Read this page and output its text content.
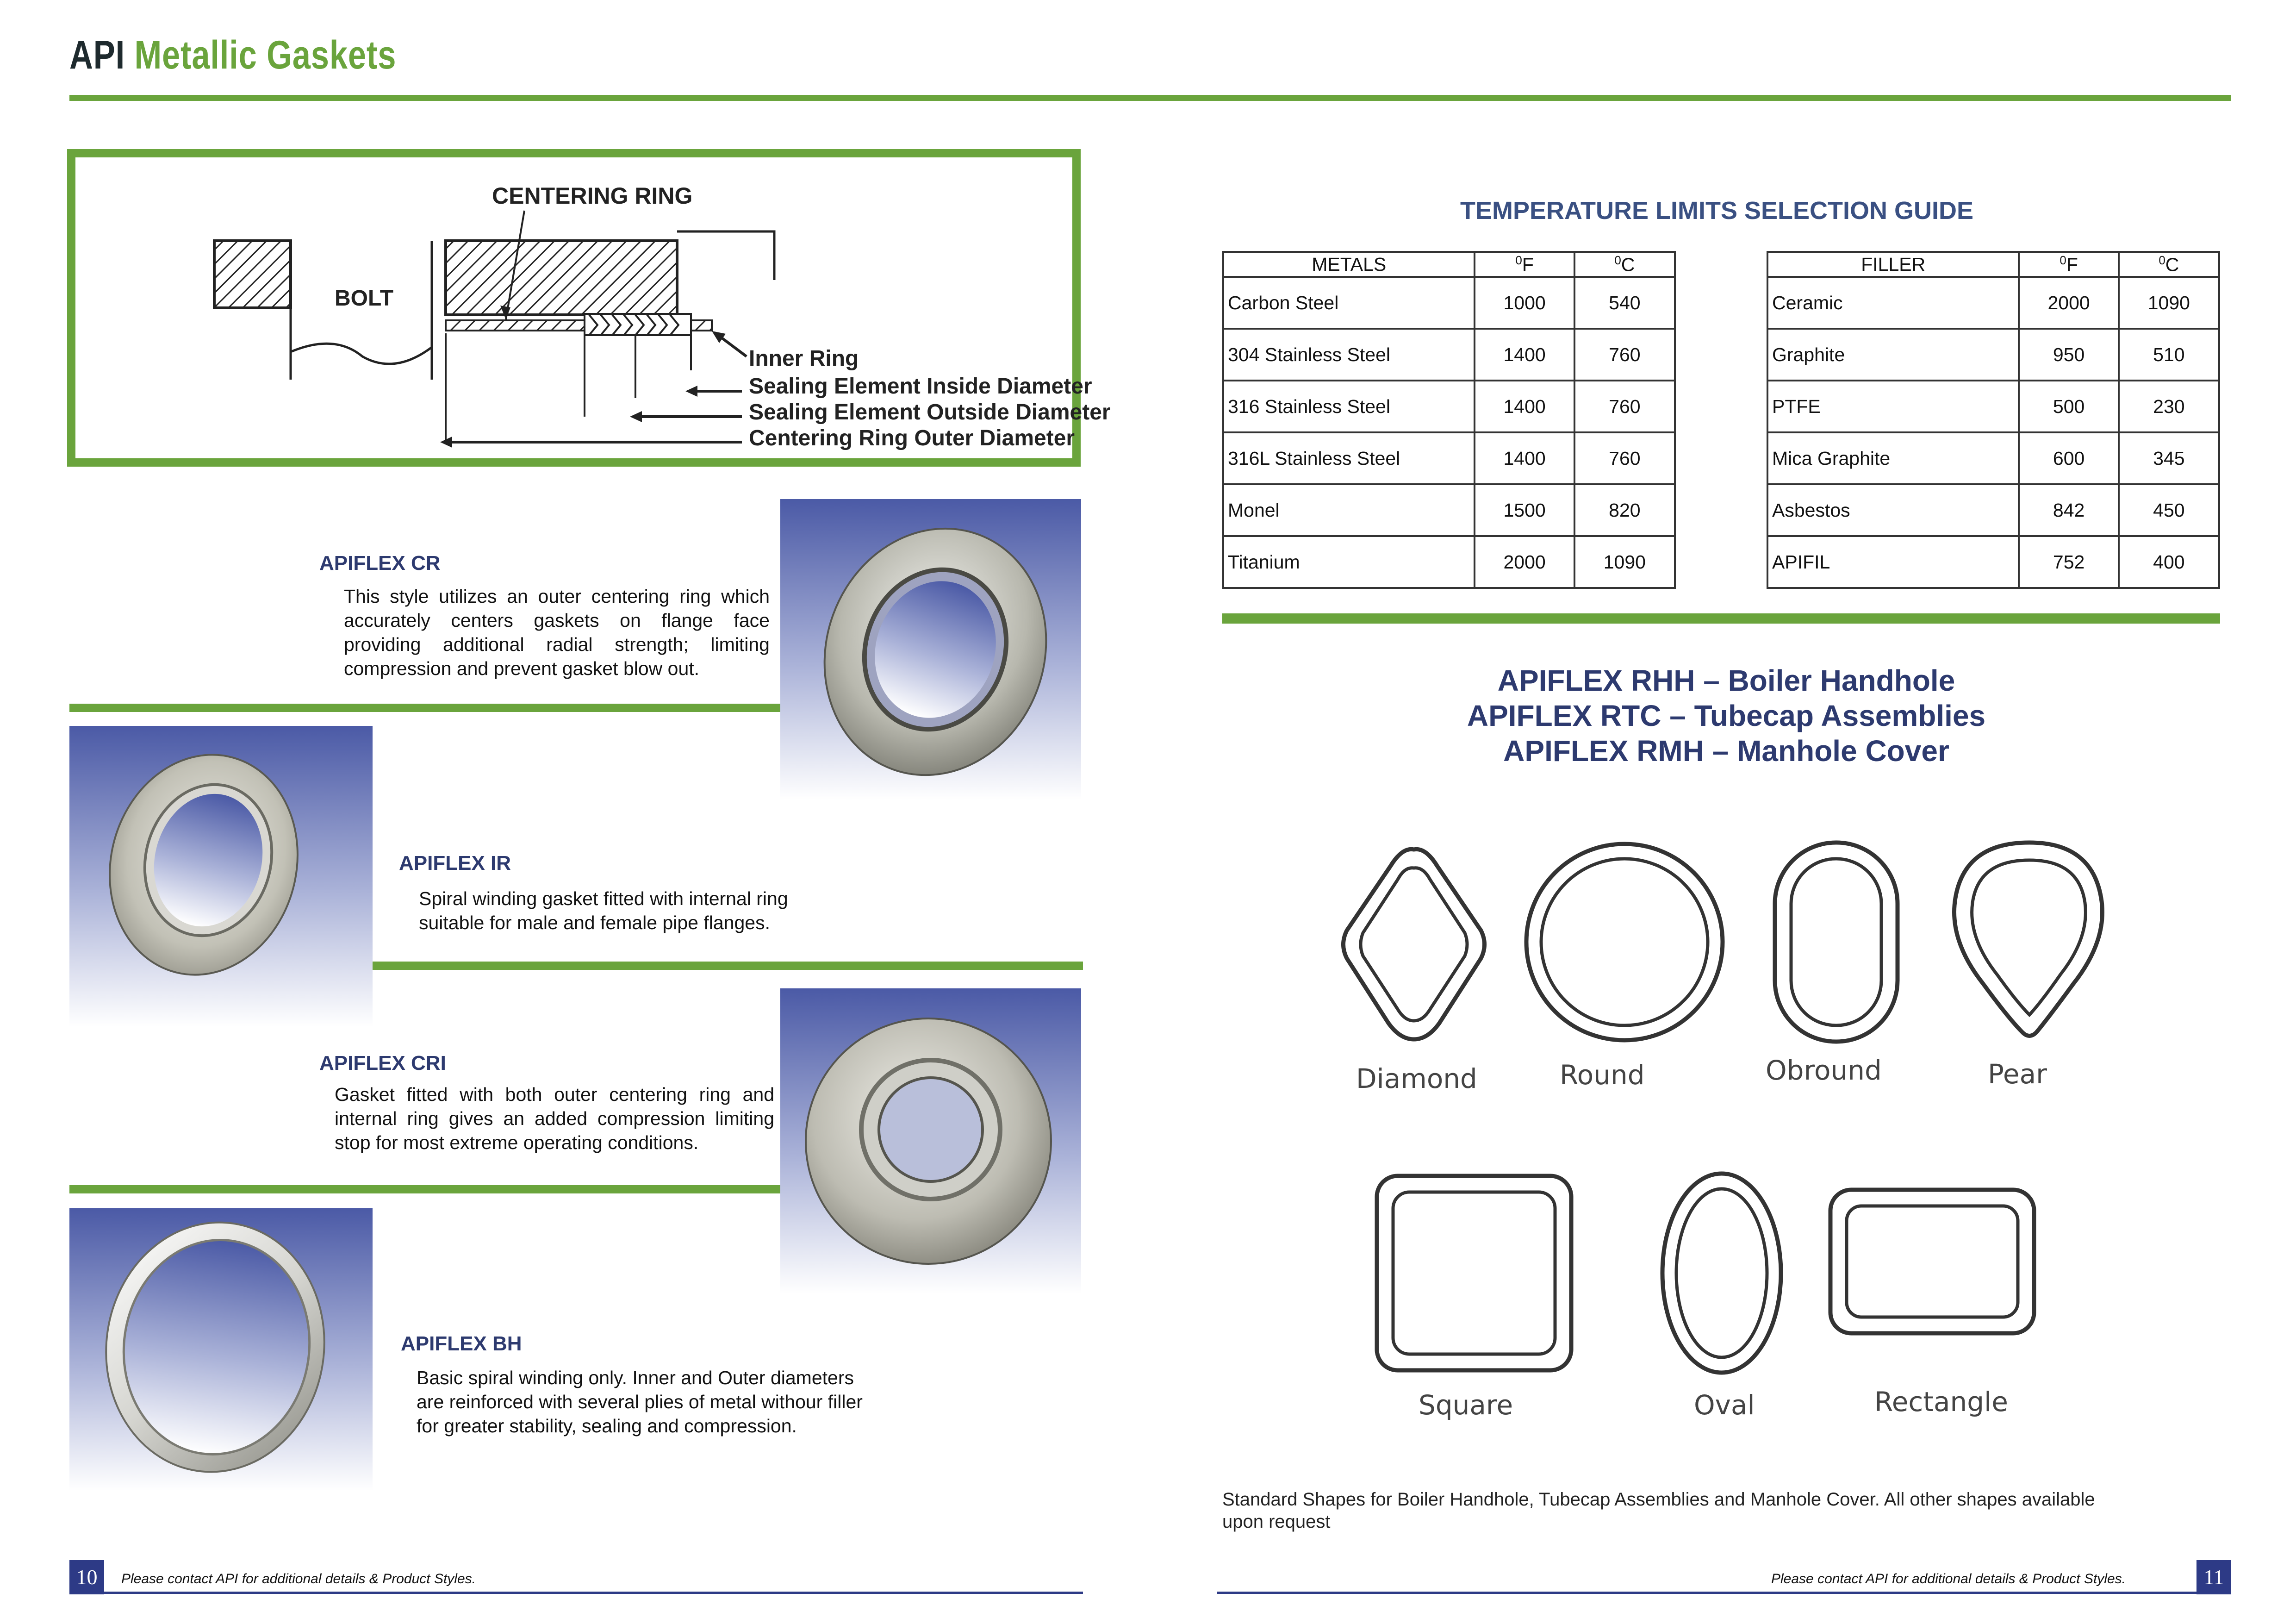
API Metallic Gaskets
BOLT
CENTERING RING
Inner Ring
Sealing Element Inside Diameter
Sealing Element Outside Diameter
Centering Ring Outer Diameter
APIFLEX CR
This style utilizes an outer centering ring which accurately centers gaskets on flange face providing additional radial strength; limiting compression and prevent gasket blow out.
APIFLEX IR
Spiral winding gasket fitted with internal ring suitable for male and female pipe flanges.
APIFLEX CRI
Gasket fitted with both outer centering ring and internal ring gives an added compression limiting stop for most extreme operating conditions.
APIFLEX BH
Basic spiral winding only. Inner and Outer diameters are reinforced with several plies of metal withour filler for greater stability, sealing and compression.
10	Please contact API for additional details & Product Styles.
TEMPERATURE LIMITS SELECTION GUIDE
METALS	$^0$F	$^0$C
Carbon Steel	1000	540
304 Stainless Steel	1400	760
316 Stainless Steel	1400	760
316L Stainless Steel	1400	760
Monel	1500	820
Titanium	2000	1090
FILLER	$^0$F	$^0$C
Ceramic	2000	1090
Graphite	950	510
PTFE	500	230
Mica Graphite	600	345
Asbestos	842	450
APIFIL	752	400
APIFLEX RHH – Boiler Handhole
APIFLEX RTC – Tubecap Assemblies
APIFLEX RMH – Manhole Cover
Diamond	Round	Obround	Pear
Square	Oval	Rectangle
Standard Shapes for Boiler Handhole, Tubecap Assemblies and Manhole Cover. All other shapes available upon request
Please contact API for additional details & Product Styles.	11
